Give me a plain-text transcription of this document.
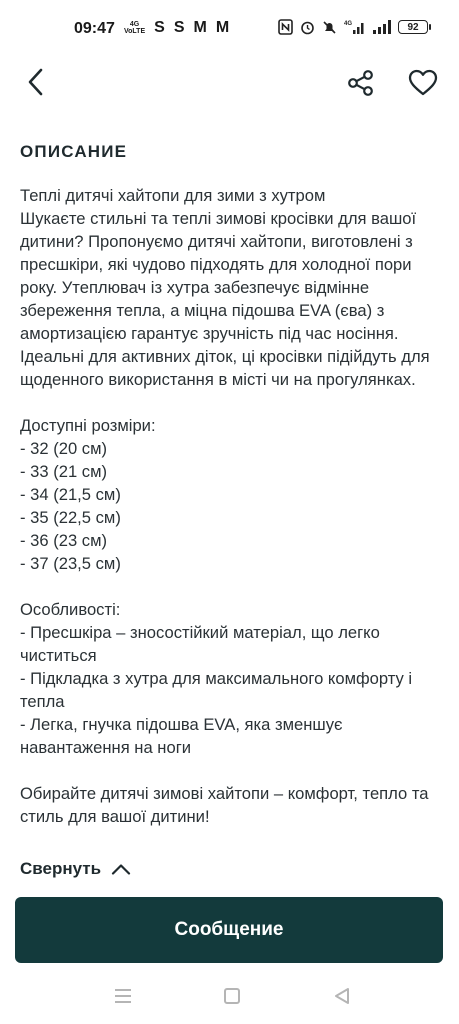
09:47	4G
VoLTE S S M M	4G	92
ОПИСАНИЕ
Теплі дитячі хайтопи для зими з хутром
Шукаєте стильні та теплі зимові кросівки для вашої дитини? Пропонуємо дитячі хайтопи, виготовлені з пресшкіри, які чудово підходять для холодної пори року. Утеплювач із хутра забезпечує відмінне збереження тепла, а міцна підошва EVA (єва) з амортизацією гарантує зручність під час носіння. Ідеальні для активних діток, ці кросівки підійдуть для щоденного використання в місті чи на прогулянках.

Доступні розміри:
- 32 (20 см)
- 33 (21 см)
- 34 (21,5 см)
- 35 (22,5 см)
- 36 (23 см)
- 37 (23,5 см)

Особливості:
- Пресшкіра – зносостійкий матеріал, що легко чиститься
- Підкладка з хутра для максимального комфорту і тепла
- Легка, гнучка підошва EVA, яка зменшує навантаження на ноги

Обирайте дитячі зимові хайтопи – комфорт, тепло та стиль для вашої дитини!
Свернуть
Сообщение
